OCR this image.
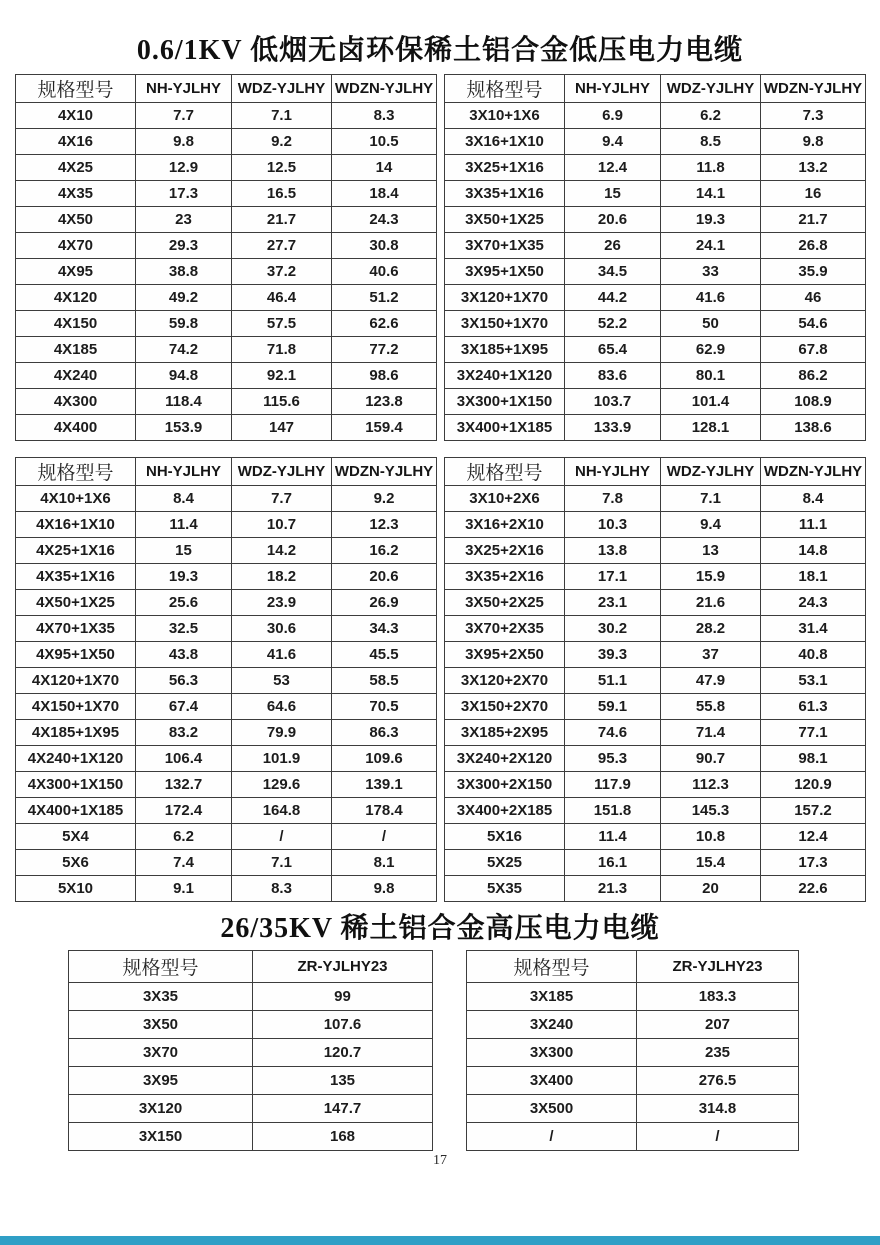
0.6/1KV 低烟无卤环保稀土铝合金低压电力电缆
规格型号	NH-YJLHY	WDZ-YJLHY	WDZN-YJLHY
4X10	7.7	7.1	8.3
4X16	9.8	9.2	10.5
4X25	12.9	12.5	14
4X35	17.3	16.5	18.4
4X50	23	21.7	24.3
4X70	29.3	27.7	30.8
4X95	38.8	37.2	40.6
4X120	49.2	46.4	51.2
4X150	59.8	57.5	62.6
4X185	74.2	71.8	77.2
4X240	94.8	92.1	98.6
4X300	118.4	115.6	123.8
4X400	153.9	147	159.4
规格型号	NH-YJLHY	WDZ-YJLHY	WDZN-YJLHY
3X10+1X6	6.9	6.2	7.3
3X16+1X10	9.4	8.5	9.8
3X25+1X16	12.4	11.8	13.2
3X35+1X16	15	14.1	16
3X50+1X25	20.6	19.3	21.7
3X70+1X35	26	24.1	26.8
3X95+1X50	34.5	33	35.9
3X120+1X70	44.2	41.6	46
3X150+1X70	52.2	50	54.6
3X185+1X95	65.4	62.9	67.8
3X240+1X120	83.6	80.1	86.2
3X300+1X150	103.7	101.4	108.9
3X400+1X185	133.9	128.1	138.6
规格型号	NH-YJLHY	WDZ-YJLHY	WDZN-YJLHY
4X10+1X6	8.4	7.7	9.2
4X16+1X10	11.4	10.7	12.3
4X25+1X16	15	14.2	16.2
4X35+1X16	19.3	18.2	20.6
4X50+1X25	25.6	23.9	26.9
4X70+1X35	32.5	30.6	34.3
4X95+1X50	43.8	41.6	45.5
4X120+1X70	56.3	53	58.5
4X150+1X70	67.4	64.6	70.5
4X185+1X95	83.2	79.9	86.3
4X240+1X120	106.4	101.9	109.6
4X300+1X150	132.7	129.6	139.1
4X400+1X185	172.4	164.8	178.4
5X4	6.2	/	/
5X6	7.4	7.1	8.1
5X10	9.1	8.3	9.8
规格型号	NH-YJLHY	WDZ-YJLHY	WDZN-YJLHY
3X10+2X6	7.8	7.1	8.4
3X16+2X10	10.3	9.4	11.1
3X25+2X16	13.8	13	14.8
3X35+2X16	17.1	15.9	18.1
3X50+2X25	23.1	21.6	24.3
3X70+2X35	30.2	28.2	31.4
3X95+2X50	39.3	37	40.8
3X120+2X70	51.1	47.9	53.1
3X150+2X70	59.1	55.8	61.3
3X185+2X95	74.6	71.4	77.1
3X240+2X120	95.3	90.7	98.1
3X300+2X150	117.9	112.3	120.9
3X400+2X185	151.8	145.3	157.2
5X16	11.4	10.8	12.4
5X25	16.1	15.4	17.3
5X35	21.3	20	22.6
26/35KV 稀土铝合金高压电力电缆
规格型号	ZR-YJLHY23
3X35	99
3X50	107.6
3X70	120.7
3X95	135
3X120	147.7
3X150	168
规格型号	ZR-YJLHY23
3X185	183.3
3X240	207
3X300	235
3X400	276.5
3X500	314.8
/	/
17
